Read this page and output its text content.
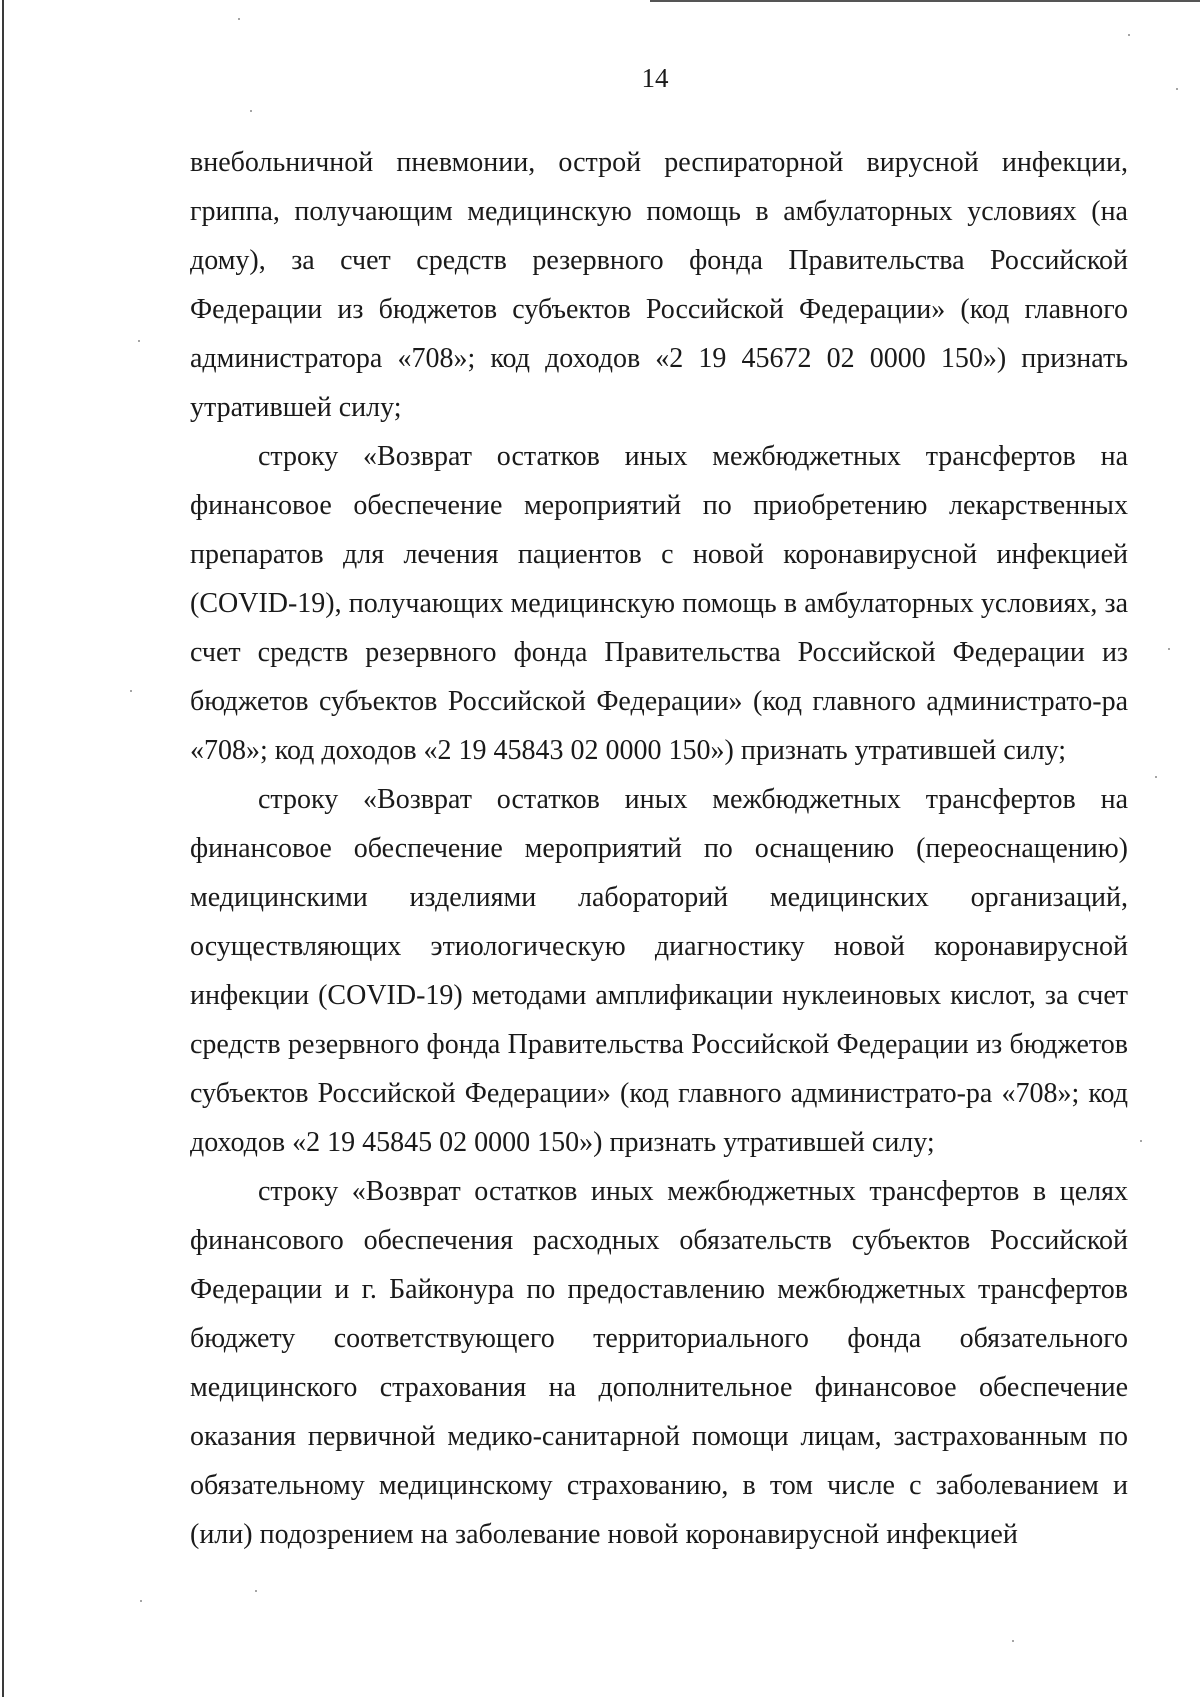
14

внебольничной пневмонии, острой респираторной вирусной инфекции, гриппа, получающим медицинскую помощь в амбулаторных условиях (на дому), за счет средств резервного фонда Правительства Российской Федерации из бюджетов субъектов Российской Федерации» (код главного администратора «708»; код доходов «2 19 45672 02 0000 150») признать утратившей силу;

строку «Возврат остатков иных межбюджетных трансфертов на финансовое обеспечение мероприятий по приобретению лекарственных препаратов для лечения пациентов с новой коронавирусной инфекцией (COVID-19), получающих медицинскую помощь в амбулаторных условиях, за счет средств резервного фонда Правительства Российской Федерации из бюджетов субъектов Российской Федерации» (код главного администрато-ра «708»; код доходов «2 19 45843 02 0000 150») признать утратившей силу;

строку «Возврат остатков иных межбюджетных трансфертов на финансовое обеспечение мероприятий по оснащению (переоснащению) медицинскими изделиями лабораторий медицинских организаций, осуществляющих этиологическую диагностику новой коронавирусной инфекции (COVID-19) методами амплификации нуклеиновых кислот, за счет средств резервного фонда Правительства Российской Федерации из бюджетов субъектов Российской Федерации» (код главного администрато-ра «708»; код доходов «2 19 45845 02 0000 150») признать утратившей силу;

строку «Возврат остатков иных межбюджетных трансфертов в целях финансового обеспечения расходных обязательств субъектов Российской Федерации и г. Байконура по предоставлению межбюджетных трансфертов бюджету соответствующего территориального фонда обязательного медицинского страхования на дополнительное финансовое обеспечение оказания первичной медико-санитарной помощи лицам, застрахованным по обязательному медицинскому страхованию, в том числе с заболеванием и (или) подозрением на заболевание новой коронавирусной инфекцией
